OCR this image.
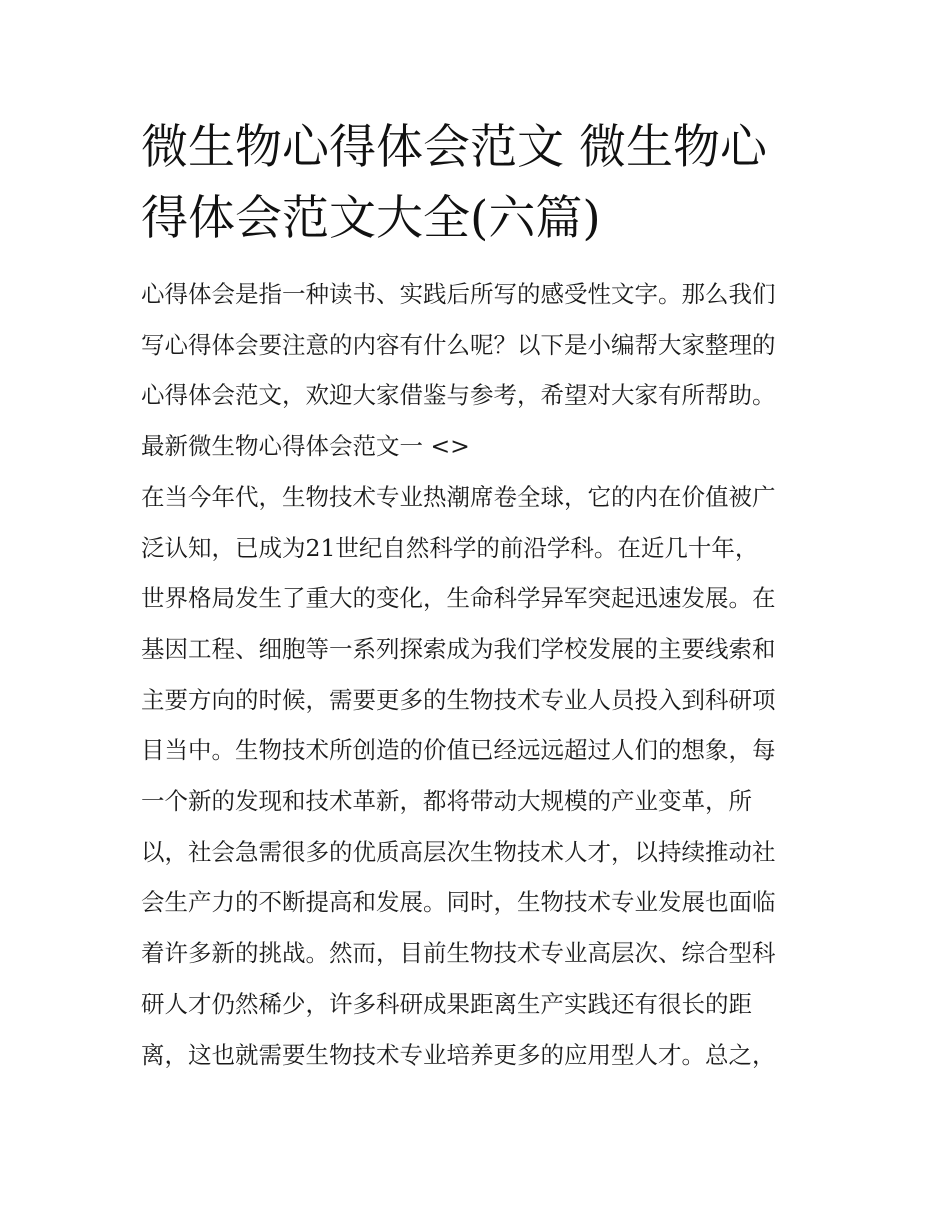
微生物心得体会范文 微生物心
得体会范文大全(六篇)
心得体会是指一种读书、实践后所写的感受性文字。那么我们
写心得体会要注意的内容有什么呢？以下是小编帮大家整理的
心得体会范文，欢迎大家借鉴与参考，希望对大家有所帮助。
最新微生物心得体会范文一 <>
在当今年代，生物技术专业热潮席卷全球，它的内在价值被广
泛认知，已成为21世纪自然科学的前沿学科。在近几十年，
世界格局发生了重大的变化，生命科学异军突起迅速发展。在
基因工程、细胞等一系列探索成为我们学校发展的主要线索和
主要方向的时候，需要更多的生物技术专业人员投入到科研项
目当中。生物技术所创造的价值已经远远超过人们的想象，每
一个新的发现和技术革新，都将带动大规模的产业变革，所
以，社会急需很多的优质高层次生物技术人才，以持续推动社
会生产力的不断提高和发展。同时，生物技术专业发展也面临
着许多新的挑战。然而，目前生物技术专业高层次、综合型科
研人才仍然稀少，许多科研成果距离生产实践还有很长的距
离，这也就需要生物技术专业培养更多的应用型人才。总之，
